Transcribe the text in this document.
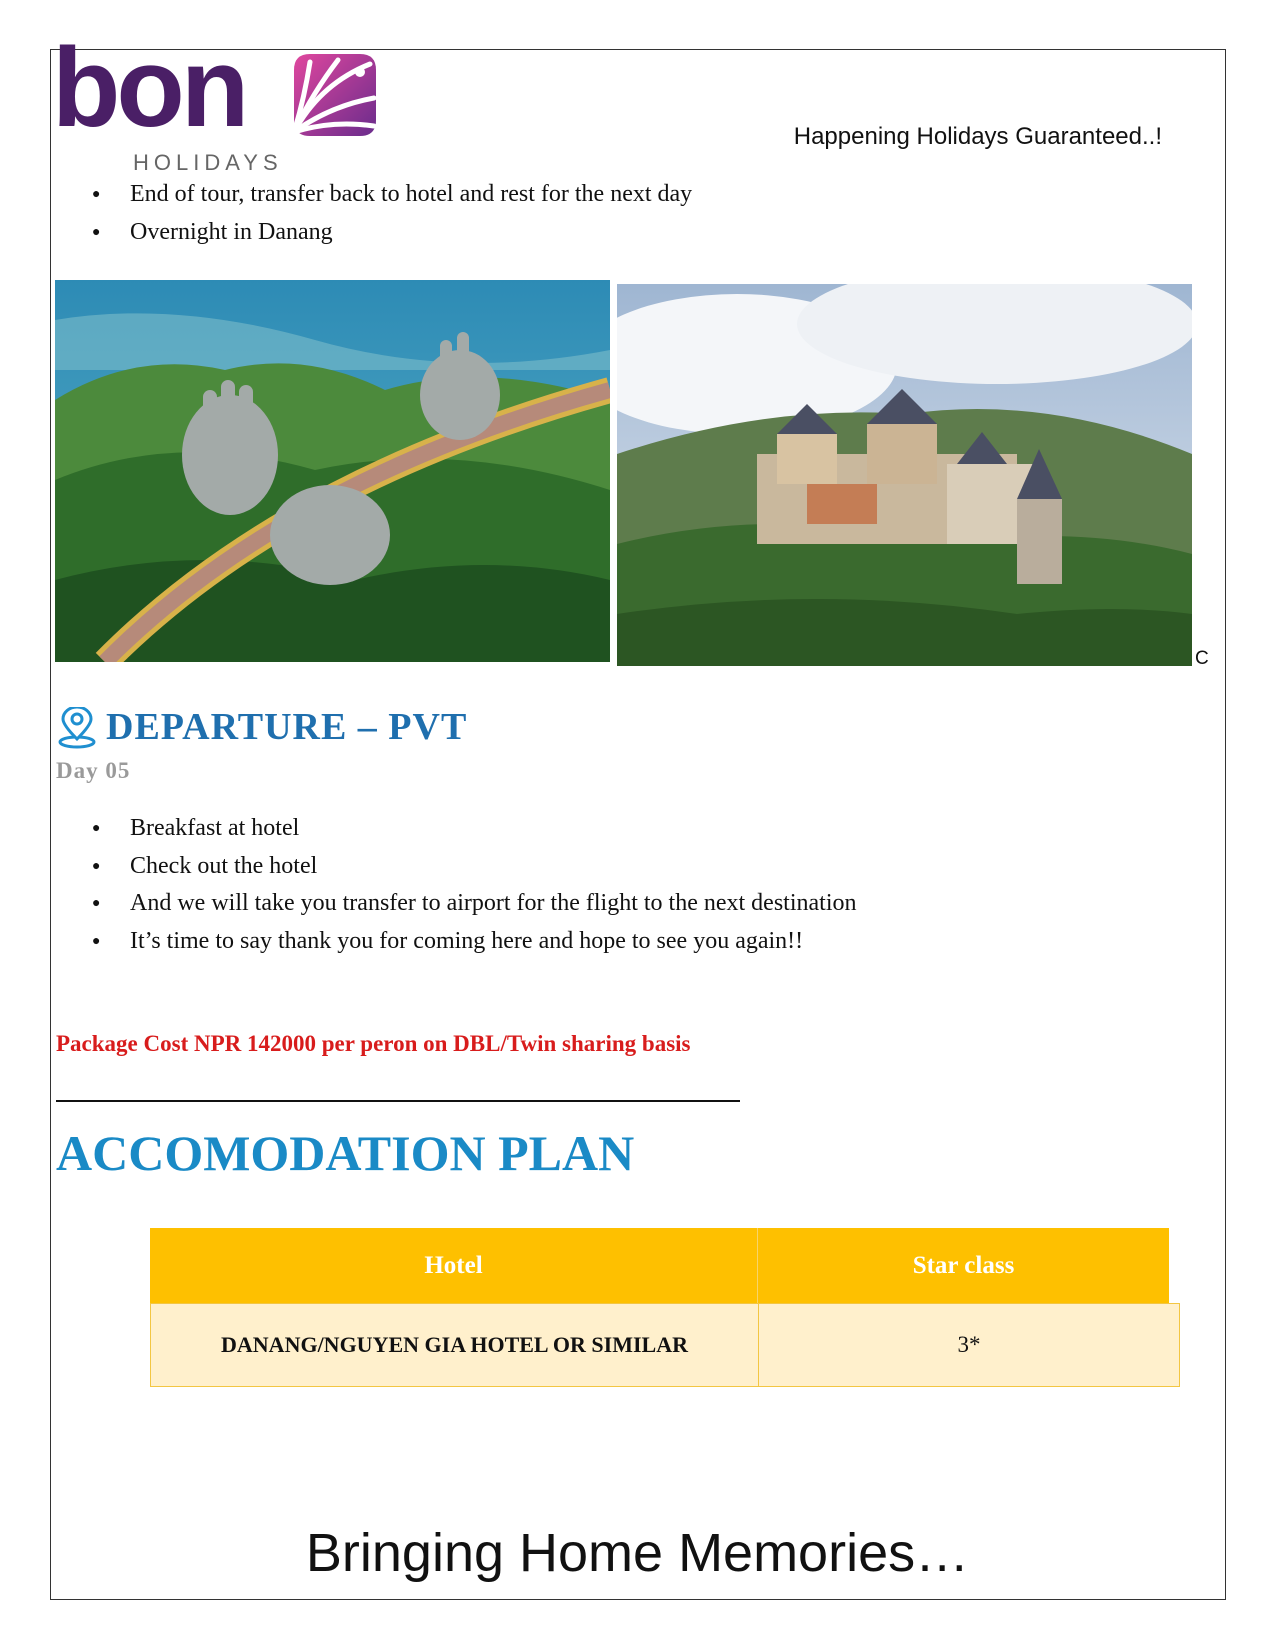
bon
HOLIDAYS
Happening Holidays Guaranteed..!
● End of tour, transfer back to hotel and rest for the next day
● Overnight in Danang
C
DEPARTURE – PVT
Day 05
● Breakfast at hotel
● Check out the hotel
● And we will take you transfer to airport for the flight to the next destination
● It’s time to say thank you for coming here and hope to see you again!!
Package Cost NPR 142000 per peron on DBL/Twin sharing basis
ACCOMODATION PLAN
Hotel	Star class
DANANG/NGUYEN GIA HOTEL OR SIMILAR	3*
Bringing Home Memories…
